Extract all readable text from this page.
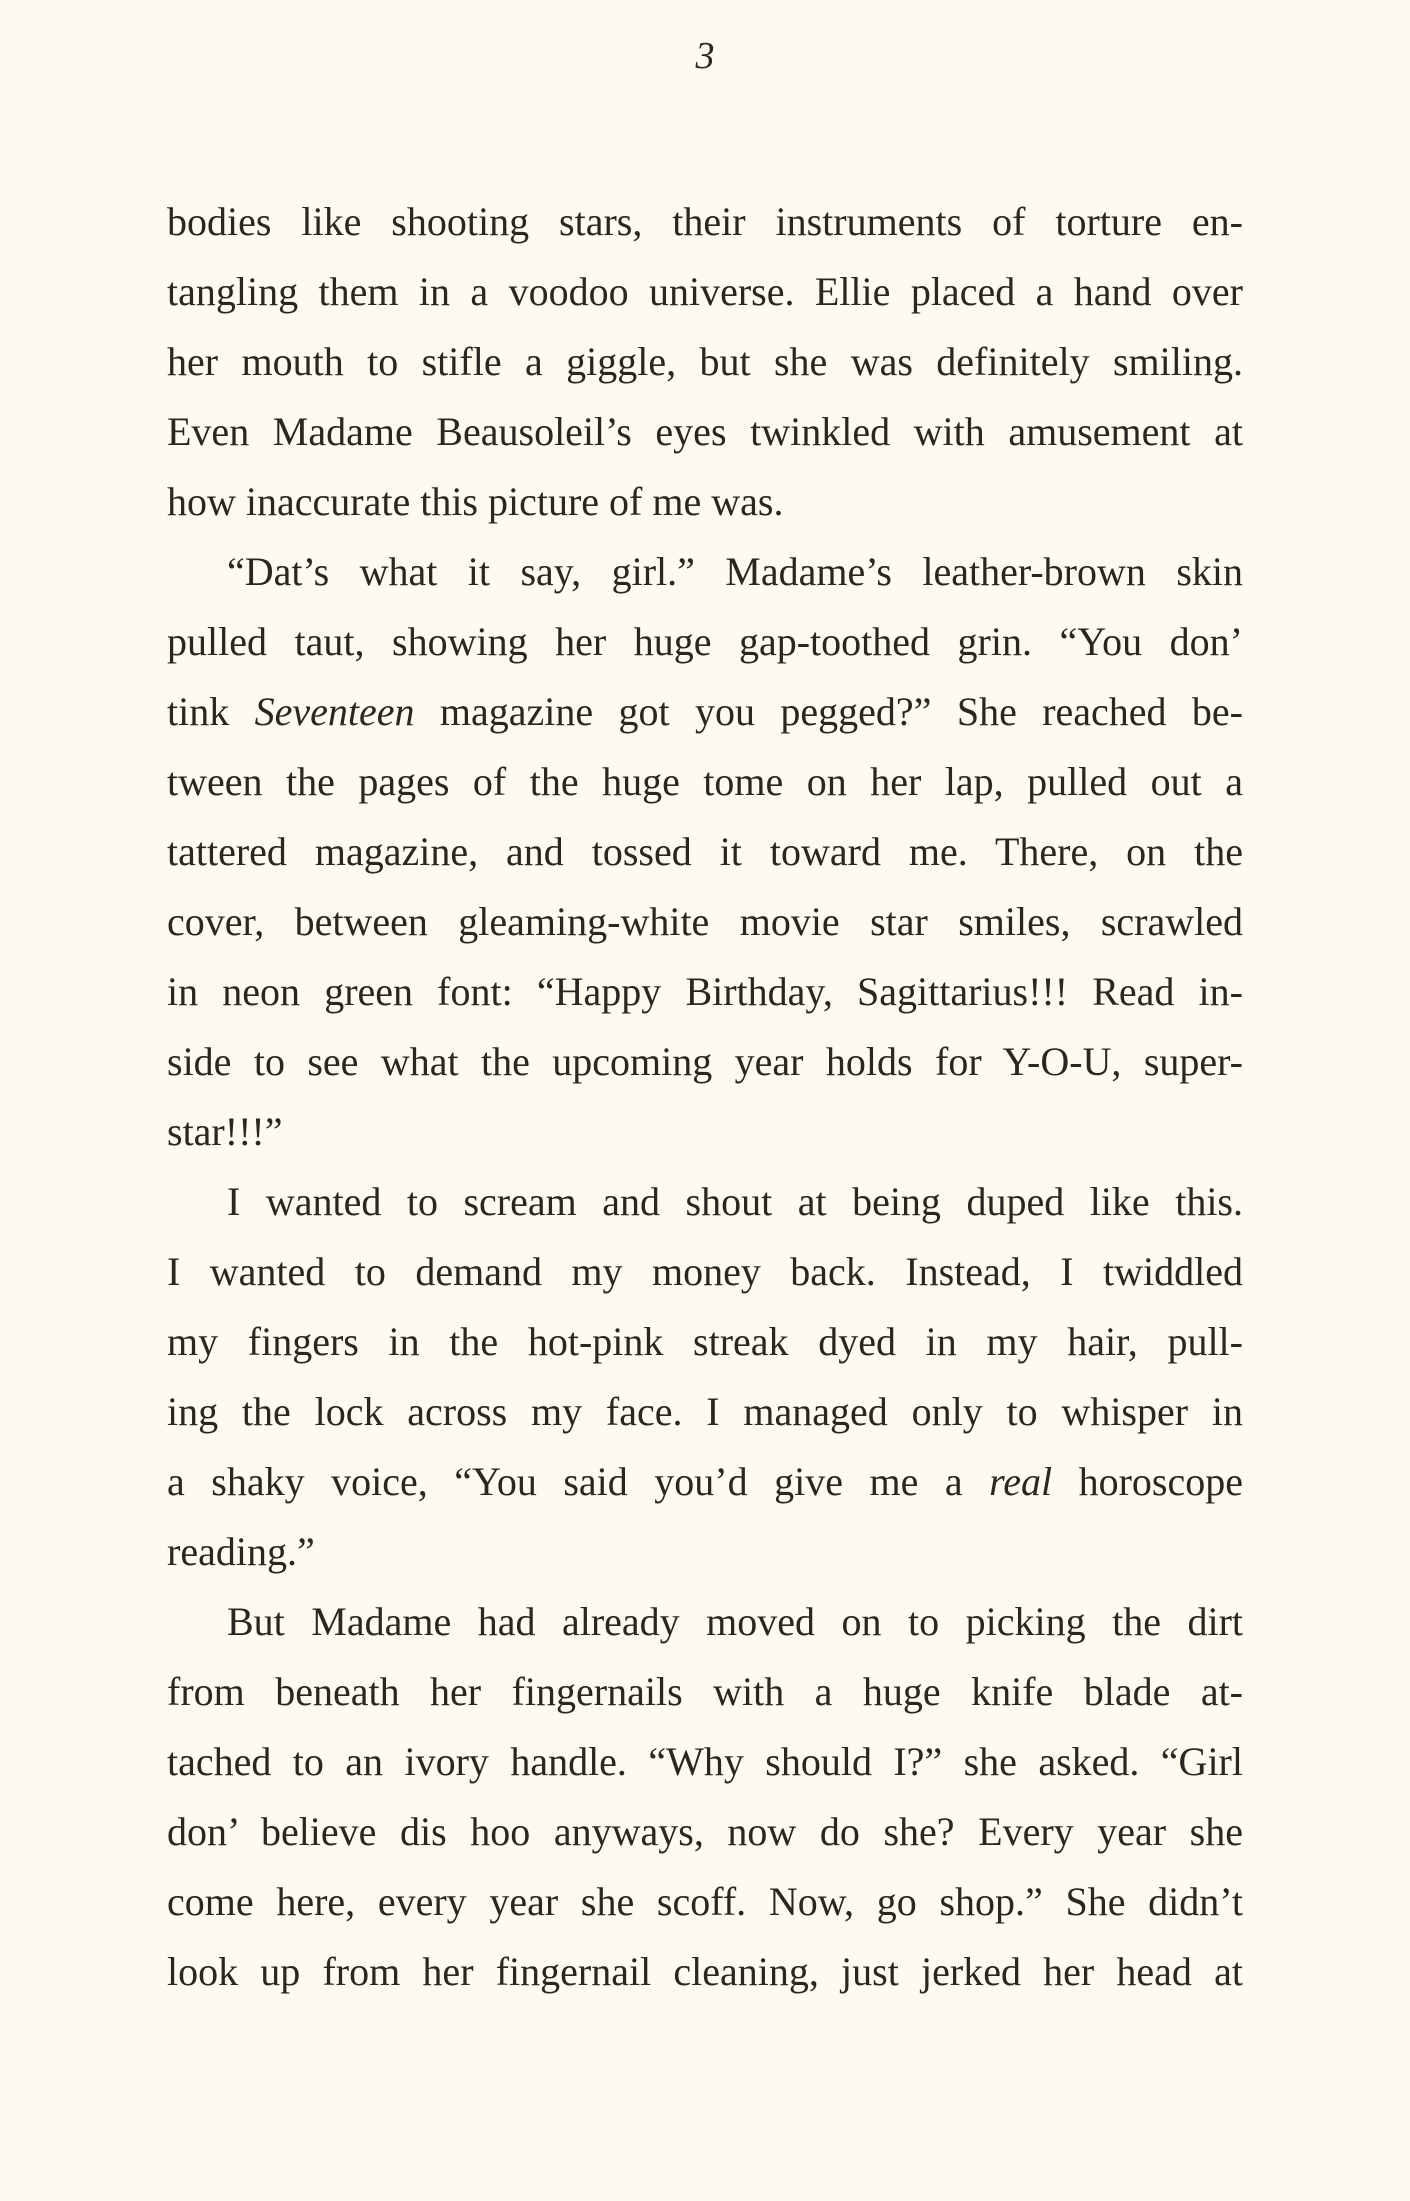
3
bodies like shooting stars, their instruments of torture en-
tangling them in a voodoo universe. Ellie placed a hand over
her mouth to stifle a giggle, but she was definitely smiling.
Even Madame Beausoleil’s eyes twinkled with amusement at
how inaccurate this picture of me was.
“Dat’s what it say, girl.” Madame’s leather-brown skin
pulled taut, showing her huge gap-toothed grin. “You don’
tink Seventeen magazine got you pegged?” She reached be-
tween the pages of the huge tome on her lap, pulled out a
tattered magazine, and tossed it toward me. There, on the
cover, between gleaming-white movie star smiles, scrawled
in neon green font: “Happy Birthday, Sagittarius!!! Read in-
side to see what the upcoming year holds for Y-O-U, super-
star!!!”
I wanted to scream and shout at being duped like this.
I wanted to demand my money back. Instead, I twiddled
my fingers in the hot-pink streak dyed in my hair, pull-
ing the lock across my face. I managed only to whisper in
a shaky voice, “You said you’d give me a real horoscope
reading.”
But Madame had already moved on to picking the dirt
from beneath her fingernails with a huge knife blade at-
tached to an ivory handle. “Why should I?” she asked. “Girl
don’ believe dis hoo anyways, now do she? Every year she
come here, every year she scoff. Now, go shop.” She didn’t
look up from her fingernail cleaning, just jerked her head at
